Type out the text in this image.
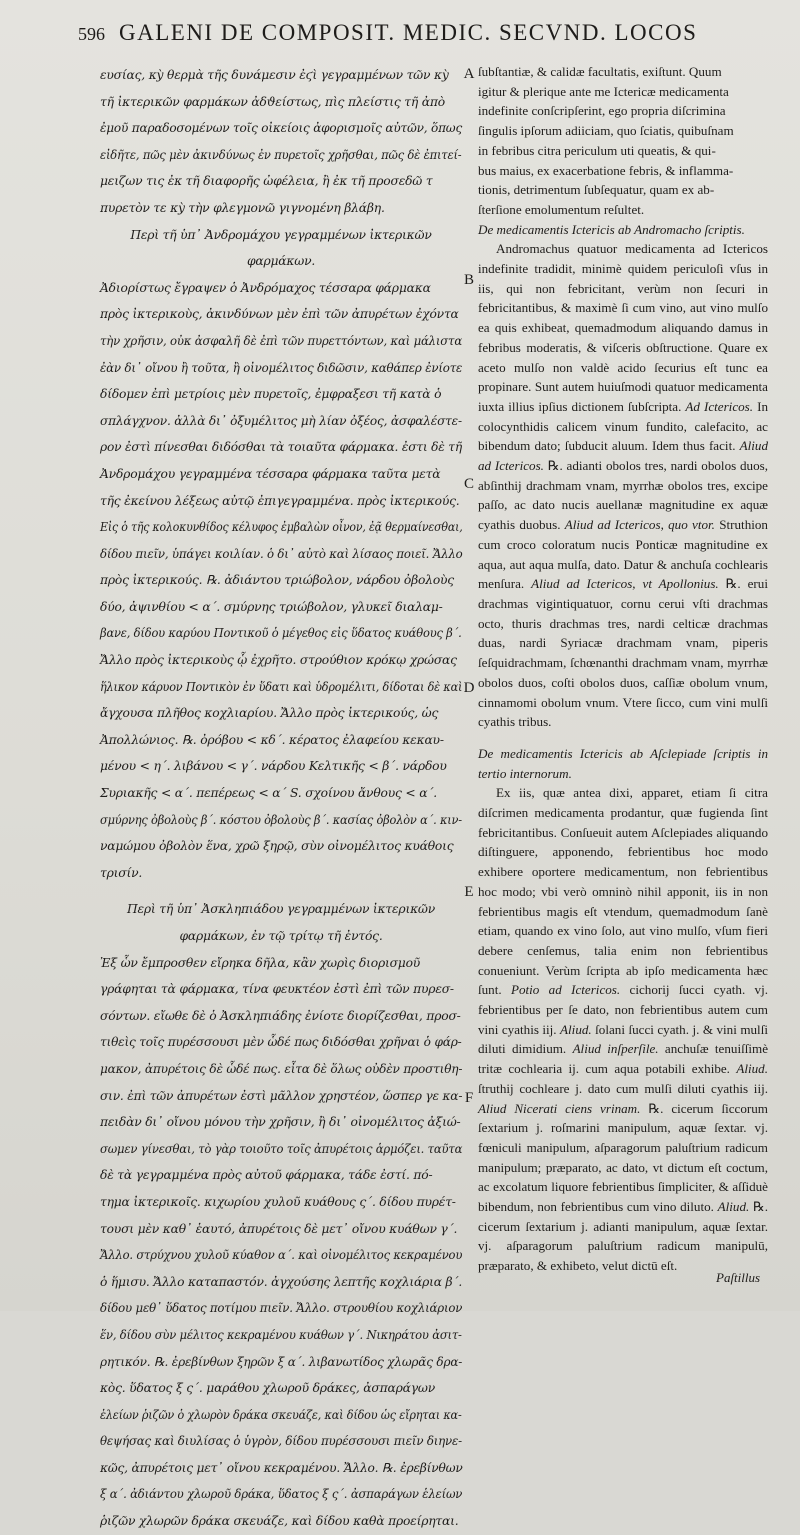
596 GALENI DE COMPOSIT. MEDIC. SECVND. LOCOS
ευσίας, κỳ θερμὰ τῆς δυνάμεσιν ἐϛὶ γεγραμμένων τῶν κỳ
τῆ ἰκτερικῶν φαρμάκων ἀδϑείστως, πὶς πλείστις τῆ ἀπὸ
ἐμοῦ παραδοσομένων τοῖς οἰκείοις ἀφορισμοῖς αὐτῶν, ὅπως
εἰδῆτε, πῶς μὲν ἀκινδύνως ἐν πυρετοῖς χρῆσθαι, πῶς δὲ ἐπιτεί-
μειζων τις ἐκ τῆ διαφορῆς ὠφέλεια, ἢ ἐκ τῆ προσεδῶ τ
πυρετὸν τε κỳ τὴν φλεγμονῶ γιγνομένη βλάβη.

Περὶ τῆ ὑπ᾽ Ἀνδρομάχου γεγραμμένων ἰκτερικῶν φαρμάκων.

Ἀδιορίστως ἔγραψεν ὁ Ἀνδρόμαχος τέσσαρα φάρμακα
πρὸς ἰκτερικοὺς, ἀκινδύνων μὲν ἐπὶ τῶν ἀπυρέτων ἐχόντα
τὴν χρῆσιν, οὐκ ἀσφαλῆ δὲ ἐπὶ τῶν πυρεττόντων, καὶ μάλιστα
ἐὰν δι᾽ οἴνου ἢ τοῦτα, ἢ οἰνομέλιτος διδῶσιν, καθάπερ ἐνίοτε
δίδομεν ἐπὶ μετρίοις μὲν πυρετοῖς, ἐμφραξεσι τῆ κατὰ ὁ
σπλάγχνον. ἀλλὰ δι᾽ ὀξυμέλιτος μὴ λίαν ὀξέος, ἀσφαλέστε-
ρον ἐστὶ πίνεσθαι διδόσθαι τὰ τοιαῦτα φάρμακα. ἐστι δὲ τῆ
Ἀνδρομάχου γεγραμμένα τέσσαρα φάρμακα ταῦτα μετὰ
τῆς ἐκείνου λέξεως αὐτῷ ἐπιγεγραμμένα. πρὸς ἰκτερικούς.
Εἰς ὁ τῆς κολοκυνθίδος κέλυφος ἐμβαλὼν οἶνον, ἐᾷ θερμαίνεσθαι,
δίδου πιεῖν, ὑπάγει κοιλίαν. ὁ δι᾽ αὐτὸ καὶ λίσαος ποιεῖ. Ἄλλο
πρὸς ἰκτερικούς. ℞. ἀδιάντου τριώβολον, νάρδου ὀβολοὺς
δύο, ἀψινθίου < α΄. σμύρνης τριώβολον, γλυκεῖ διαλαμ-
βανε, δίδου καρύου Ποντικοῦ ὁ μέγεθος εἰς ὕδατος κυάθους β΄.
Ἄλλο πρὸς ἰκτερικοὺς ᾧ ἐχρῆτο. στρούθιον κρόκῳ χρώσας
ἥλικον κάρυον Ποντικὸν ἐν ὕδατι καὶ ὑδρομέλιτι, δίδοται δὲ καὶ
ἄγχουσα πλῆθος κοχλιαρίου. Ἄλλο πρὸς ἰκτερικούς, ὡς
Ἀπολλώνιος. ℞. ὀρόβου < κδ΄. κέρατος ἐλαφείου κεκαυ-
μένου < η΄. λιβάνου < γ΄. νάρδου Κελτικῆς < β΄. νάρδου
Συριακῆς < α΄. πεπέρεως < α΄ S. σχοίνου ἄνθους < α΄.
σμύρνης ὀβολοὺς β΄. κόστου ὀβολοὺς β΄. κασίας ὀβολὸν α΄. κιν-
ναμώμου ὀβολὸν ἕνα, χρῶ ξηρῷ, σὺν οἰνομέλιτος κυάθοις
τρισίν.

Περὶ τῆ ὑπ᾽ Ἀσκληπιάδου γεγραμμένων ἰκτερικῶν φαρμάκων, ἐν τῷ τρίτῳ τῆ ἐντός.

Ἐξ ὧν ἔμπροσθεν εἴρηκα δῆλα, κἂν χωρὶς διορισμοῦ
γράφηται τὰ φάρμακα, τίνα φευκτέον ἐστὶ ἐπὶ τῶν πυρεσ-
σόντων. εἴωθε δὲ ὁ Ἀσκληπιάδης ἐνίοτε διορίζεσθαι, προσ-
τιθεὶς τοῖς πυρέσσουσι μὲν ὧδέ πως διδόσθαι χρῆναι ὁ φάρ-
μακον, ἀπυρέτοις δὲ ὧδέ πως. εἶτα δὲ ὅλως οὐδὲν προστιθη-
σιν. ἐπὶ τῶν ἀπυρέτων ἐστὶ μᾶλλον χρηστέον, ὥσπερ γε κα-
πειδὰν δι᾽ οἴνου μόνου τὴν χρῆσιν, ἢ δι᾽ οἰνομέλιτος ἀξιώ-
σωμεν γίνεσθαι, τὸ γὰρ τοιοῦτο τοῖς ἀπυρέτοις ἁρμόζει. ταῦτα
δὲ τὰ γεγραμμένα πρὸς αὐτοῦ φάρμακα, τάδε ἐστί. πό-
τημα ἰκτερικοῖς. κιχωρίου χυλοῦ κυάθους ς΄. δίδου πυρέτ-
τουσι μὲν καθ᾽ ἑαυτό, ἀπυρέτοις δὲ μετ᾽ οἴνου κυάθων γ΄.
Ἄλλο. στρύχνου χυλοῦ κύαθον α΄. καὶ οἰνομέλιτος κεκραμένου
ὁ ἥμισυ. Ἄλλο καταπαστόν. ἀγχούσης λεπτῆς κοχλιάρια β΄.
δίδου μεθ᾽ ὕδατος ποτίμου πιεῖν. Ἄλλο. στρουθίου κοχλιάριον
ἕν, δίδου σὺν μέλιτος κεκραμένου κυάθων γ΄. Νικηράτου ἀσιτ-
ρητικόν. ℞. ἐρεβίνθων ξηρῶν ξ α΄. λιβανωτίδος χλωρᾶς δρα-
κὸς. ὕδατος ξ ς΄. μαράθου χλωροῦ δράκες, ἀσπαράγων
ἑλείων ῥιζῶν ὁ χλωρὸν δράκα σκευάζε, καὶ δίδου ὡς εἴρηται κα-
θεψήσας καὶ διυλίσας ὁ ὑγρὸν, δίδου πυρέσσουσι πιεῖν διηνε-
κῶς, ἀπυρέτοις μετ᾽ οἴνου κεκραμένου. Ἄλλο. ℞. ἐρεβίνθων
ξ α΄. ἀδιάντου χλωροῦ δράκα, ὕδατος ξ ς΄. ἀσπαράγων ἑλείων
ῥιζῶν χλωρῶν δράκα σκευάζε, καὶ δίδου καθὰ προείρηται.
A
B
C
D
E
F
ſubſtantiæ, & calidæ facultatis, exiſtunt. Quum
igitur & plerique ante me Ictericæ medicamenta
indefinite conſcripſerint, ego propria diſcrimina
ſingulis ipſorum adiiciam, quo ſciatis, quibuſnam
in febribus citra periculum uti queatis, & qui-
bus maius, ex exacerbatione febris, & inflamma-
tionis, detrimentum ſubſequatur, quam ex ab-
ſterſione emolumentum reſultet.

De medicamentis Ictericis ab Andromacho ſcriptis.

Andromachus quatuor medicamenta ad Ictericos indefinite tradidit, minimè quidem periculoſi vſus in iis, qui non febricitant, verùm non ſecuri in febricitantibus, & maximè ſi cum vino, aut vino mulſo ea quis exhibeat, quemadmodum aliquando damus in febribus moderatis, & viſceris obſtructione. Quare ex aceto mulſo non valdè acido ſecurius eſt tunc ea propinare. Sunt autem huiuſmodi quatuor medicamenta iuxta illius ipſius dictionem ſubſcripta. Ad Ictericos. In colocynthidis calicem vinum fundito, calefacito, ac bibendum dato; ſubducit aluum. Idem thus facit. Aliud ad Ictericos. ℞. adianti obolos tres, nardi obolos duos, abſinthij drachmam vnam, myrrhæ obolos tres, excipe paſſo, ac dato nucis auellanæ magnitudine ex aquæ cyathis duobus. Aliud ad Ictericos, quo vtor. Struthion cum croco coloratum nucis Ponticæ magnitudine ex aqua, aut aqua mulſa, dato. Datur & anchuſa cochlearis menſura. Aliud ad Ictericos, vt Apollonius. ℞. erui drachmas vigintiquatuor, cornu cerui vſti drachmas octo, thuris drachmas tres, nardi celticæ drachmas duas, nardi Syriacæ drachmam vnam, piperis ſeſquidrachmam, ſchœnanthi drachmam vnam, myrrhæ obolos duos, coſti obolos duos, caſſiæ obolum vnum, cinnamomi obolum vnum. Vtere ſicco, cum vini mulſi cyathis tribus.

De medicamentis Ictericis ab Aſclepiade ſcriptis in tertio internorum.

Ex iis, quæ antea dixi, apparet, etiam ſi citra diſcrimen medicamenta prodantur, quæ fugienda ſint febricitantibus. Conſueuit autem Aſclepiades aliquando diſtinguere, apponendo, febrientibus hoc modo exhibere oportere medicamentum, non febrientibus hoc modo; vbi verò omninò nihil apponit, iis in non febrientibus magis eſt vtendum, quemadmodum ſanè etiam, quando ex vino ſolo, aut vino mulſo, vſum fieri debere cenſemus, talia enim non febrientibus conueniunt. Verùm ſcripta ab ipſo medicamenta hæc ſunt. Potio ad Ictericos. cichorij ſucci cyath. vj. febrientibus per ſe dato, non febrientibus autem cum vini cyathis iij. Aliud. ſolani ſucci cyath. j. & vini mulſi diluti dimidium. Aliud inſperſile. anchuſæ tenuiſſimè tritæ cochlearia ij. cum aqua potabili exhibe. Aliud. ſtruthij cochleare j. dato cum mulſi diluti cyathis iij. Aliud Nicerati ciens vrinam. ℞. cicerum ſiccorum ſextarium j. roſmarini manipulum, aquæ ſextar. vj. fœniculi manipulum, aſparagorum paluſtrium radicum manipulum; præparato, ac dato, vt dictum eſt coctum, ac excolatum liquore febrientibus ſimpliciter, & aſſiduè bibendum, non febrientibus cum vino diluto. Aliud. ℞. cicerum ſextarium j. adianti manipulum, aquæ ſextar. vj. aſparagorum paluſtrium radicum manipulū, præparato, & exhibeto, velut dictū eſt.

Paſtillus
